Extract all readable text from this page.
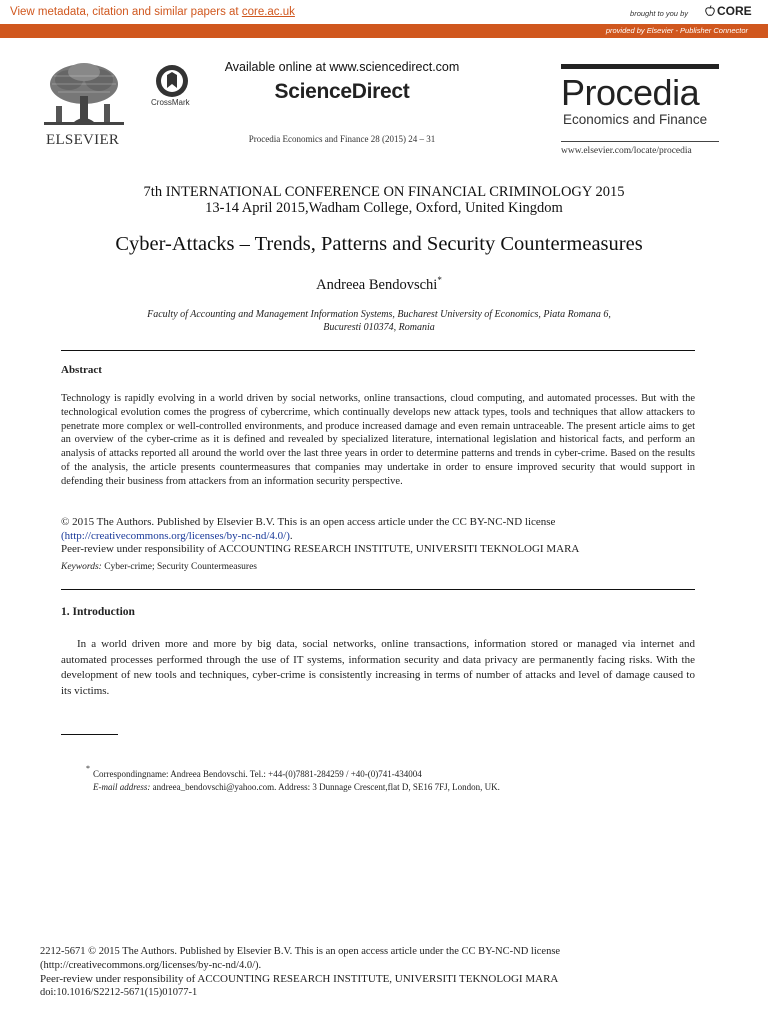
View metadata, citation and similar papers at core.ac.uk	brought to you by	CORE
provided by Elsevier - Publisher Connector
ELSEVIER
CrossMark
Available online at www.sciencedirect.com
ScienceDirect
Procedia Economics and Finance 28 (2015) 24 – 31
Procedia
Economics and Finance
www.elsevier.com/locate/procedia
7th INTERNATIONAL CONFERENCE ON FINANCIAL CRIMINOLOGY 2015
13-14 April 2015,Wadham College, Oxford, United Kingdom
Cyber-Attacks – Trends, Patterns and Security Countermeasures
Andreea Bendovschi*
Faculty of Accounting and Management Information Systems, Bucharest University of Economics, Piata Romana 6,
Bucuresti 010374, Romania
Abstract
Technology is rapidly evolving in a world driven by social networks, online transactions, cloud computing, and automated processes. But with the technological evolution comes the progress of cybercrime, which continually develops new attack types, tools and techniques that allow attackers to penetrate more complex or well-controlled environments, and produce increased damage and even remain untraceable. The present article aims to get an overview of the cyber-crime as it is defined and revealed by specialized literature, international legislation and historical facts, and perform an analysis of attacks reported all around the world over the last three years in order to determine patterns and trends in cyber-crime. Based on the results of the analysis, the article presents countermeasures that companies may undertake in order to ensure improved security that would support in defending their business from attackers from an information security perspective.
© 2015 The Authors. Published by Elsevier B.V. This is an open access article under the CC BY-NC-ND license
(http://creativecommons.org/licenses/by-nc-nd/4.0/).
Peer-review under responsibility of ACCOUNTING RESEARCH INSTITUTE, UNIVERSITI TEKNOLOGI MARA
Keywords: Cyber-crime; Security Countermeasures
1. Introduction
In a world driven more and more by big data, social networks, online transactions, information stored or managed via internet and automated processes performed through the use of IT systems, information security and data privacy are permanently facing risks. With the development of new tools and techniques, cyber-crime is consistently increasing in terms of number of attacks and level of damage caused to its victims.
*
Correspondingname: Andreea Bendovschi. Tel.: +44-(0)7881-284259 / +40-(0)741-434004
E-mail address: andreea_bendovschi@yahoo.com. Address: 3 Dunnage Crescent,flat D, SE16 7FJ, London, UK.
2212-5671 © 2015 The Authors. Published by Elsevier B.V. This is an open access article under the CC BY-NC-ND license
(http://creativecommons.org/licenses/by-nc-nd/4.0/).
Peer-review under responsibility of ACCOUNTING RESEARCH INSTITUTE, UNIVERSITI TEKNOLOGI MARA
doi:10.1016/S2212-5671(15)01077-1
